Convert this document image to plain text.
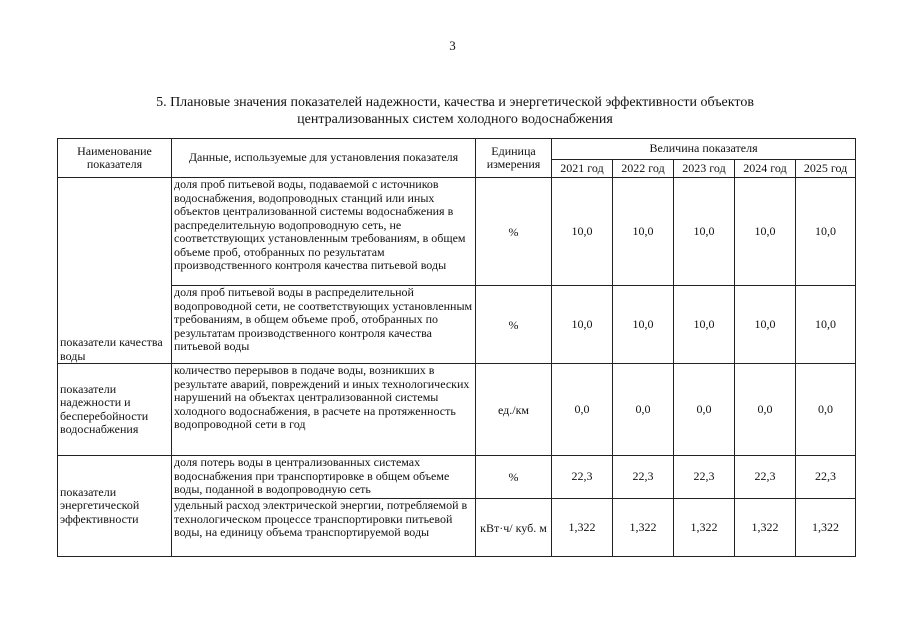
3
5. Плановые значения показателей надежности, качества и энергетической эффективности объектов
централизованных систем холодного водоснабжения
Наименование показателя	Данные, используемые для установления показателя	Единица измерения	Величина показателя				
			2021 год	2022 год	2023 год	2024 год	2025 год
показатели качества воды	доля проб питьевой воды, подаваемой с источников водоснабжения, водопроводных станций или иных объектов централизованной системы водоснабжения в распределительную водопроводную сеть, не соответствующих установленным требованиям, в общем объеме проб, отобранных по результатам производственного контроля качества питьевой воды	%	10,0	10,0	10,0	10,0	10,0
	доля проб питьевой воды в распределительной водопроводной сети, не соответствующих установленным требованиям, в общем объеме проб, отобранных по результатам производственного контроля качества питьевой воды	%	10,0	10,0	10,0	10,0	10,0
показатели надежности и бесперебойности водоснабжения	количество перерывов в подаче воды, возникших в результате аварий, повреждений и иных технологических нарушений на объектах централизованной системы холодного водоснабжения, в расчете на протяженность водопроводной сети в год	ед./км	0,0	0,0	0,0	0,0	0,0
показатели энергетической эффективности	доля потерь воды в централизованных системах водоснабжения при транспортировке в общем объеме воды, поданной в водопроводную сеть	%	22,3	22,3	22,3	22,3	22,3
	удельный расход электрической энергии, потребляемой в технологическом процессе транспортировки питьевой воды, на единицу объема транспортируемой воды	кВт·ч/ куб. м	1,322	1,322	1,322	1,322	1,322
